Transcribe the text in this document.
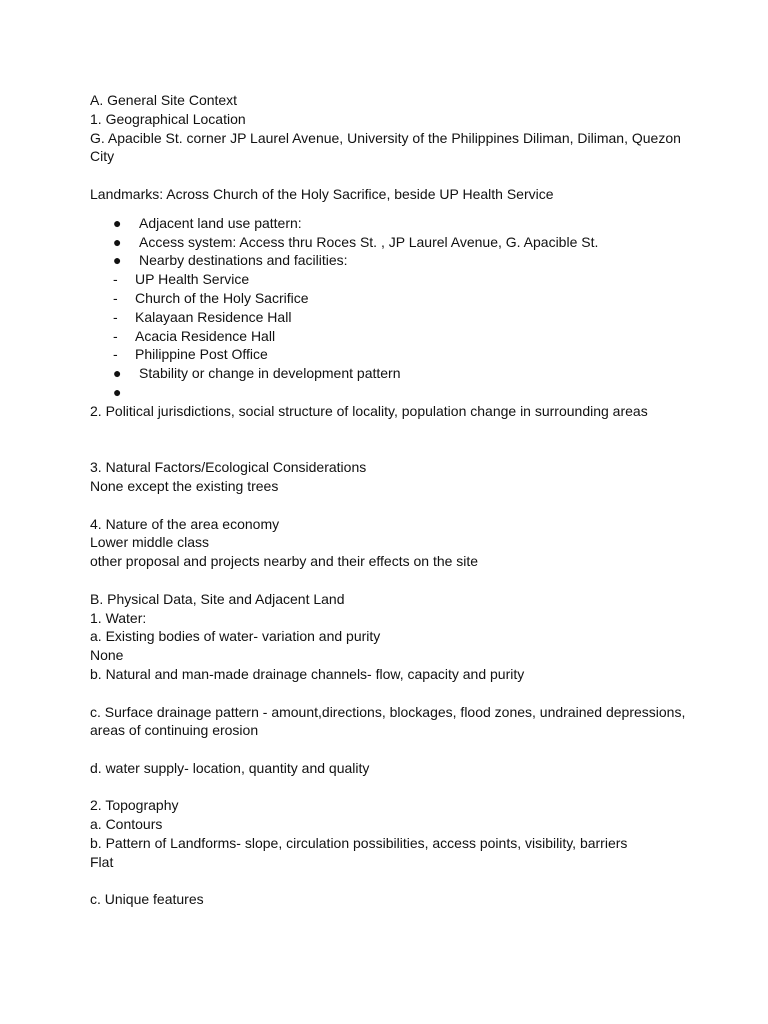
A. General Site Context
1. Geographical Location
G. Apacible St. corner JP Laurel Avenue, University of the Philippines Diliman, Diliman, Quezon City
Landmarks: Across Church of the Holy Sacrifice, beside UP Health Service
● Adjacent land use pattern:
● Access system: Access thru Roces St. , JP Laurel Avenue, G. Apacible St.
● Nearby destinations and facilities:
- UP Health Service
- Church of the Holy Sacrifice
- Kalayaan Residence Hall
- Acacia Residence Hall
- Philippine Post Office
● Stability or change in development pattern
●
2. Political jurisdictions, social structure of locality, population change in surrounding areas
3. Natural Factors/Ecological Considerations
None except the existing trees
4. Nature of the area economy
Lower middle class
other proposal and projects nearby and their effects on the site
B. Physical Data, Site and Adjacent Land
1. Water:
a. Existing bodies of water- variation and purity
None
b. Natural and man-made drainage channels- flow, capacity and purity
c. Surface drainage pattern - amount,directions, blockages, flood zones, undrained depressions, areas of continuing erosion
d. water supply- location, quantity and quality
2. Topography
a. Contours
b. Pattern of Landforms- slope, circulation possibilities, access points, visibility, barriers
Flat
c. Unique features
